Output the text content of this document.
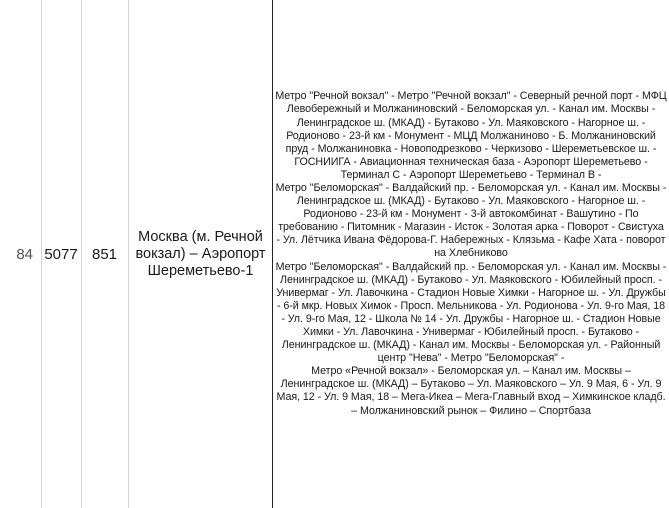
84 5077 851
Москва (м. Речной вокзал) – Аэропорт Шереметьево-1
Метро "Речной вокзал" - Метро "Речной вокзал" - Северный речной порт - МФЦ Левобережный и Молжаниновский - Беломорская ул. - Канал им. Москвы - Ленинградское ш. (МКАД) - Бутаково - Ул. Маяковского - Нагорное ш. - Родионово - 23-й км - Монумент - МЦД Молжаниново - Б. Молжаниновский пруд - Молжаниновка - Новоподрезково - Черкизово - Шереметьевское ш. - ГОСНИИГА - Авиационная техническая база - Аэропорт Шереметьево - Терминал С - Аэропорт Шереметьево - Терминал В -
Метро "Беломорская" - Валдайский пр. - Беломорская ул. - Канал им. Москвы - Ленинградское ш. (МКАД) - Бутаково - Ул. Маяковского - Нагорное ш. - Родионово - 23-й км - Монумент - 3-й автокомбинат - Вашутино - По требованию - Питомник - Магазин - Исток - Золотая арка - Поворот - Свистуха - Ул. Лётчика Ивана Фёдорова-Г. Набережных - Клязьма - Кафе Хата - поворот на Хлебниково
Метро "Беломорская" - Валдайский пр. - Беломорская ул. - Канал им. Москвы - Ленинградское ш. (МКАД) - Бутаково - Ул. Маяковского - Юбилейный просп. - Универмаг - Ул. Лавочкина - Стадион Новые Химки - Нагорное ш. - Ул. Дружбы - 6-й мкр. Новых Химок - Просп. Мельникова - Ул. Родионова - Ул. 9-го Мая, 18 - Ул. 9-го Мая, 12 - Школа № 14 - Ул. Дружбы - Нагорное ш. - Стадион Новые Химки - Ул. Лавочкина - Универмаг - Юбилейный просп. - Бутаково - Ленинградское ш. (МКАД) - Канал им. Москвы - Беломорская ул. - Районный центр "Нева" - Метро "Беломорская" -
Метро «Речной вокзал» - Беломорская ул. – Канал им. Москвы – Ленинградское ш. (МКАД) – Бутаково – Ул. Маяковского – Ул. 9 Мая, 6 - Ул. 9 Мая, 12 - Ул. 9 Мая, 18 – Мега-Икеа – Мега-Главный вход – Химкинское кладб. – Молжаниновский рынок – Филино – Спортбаза
